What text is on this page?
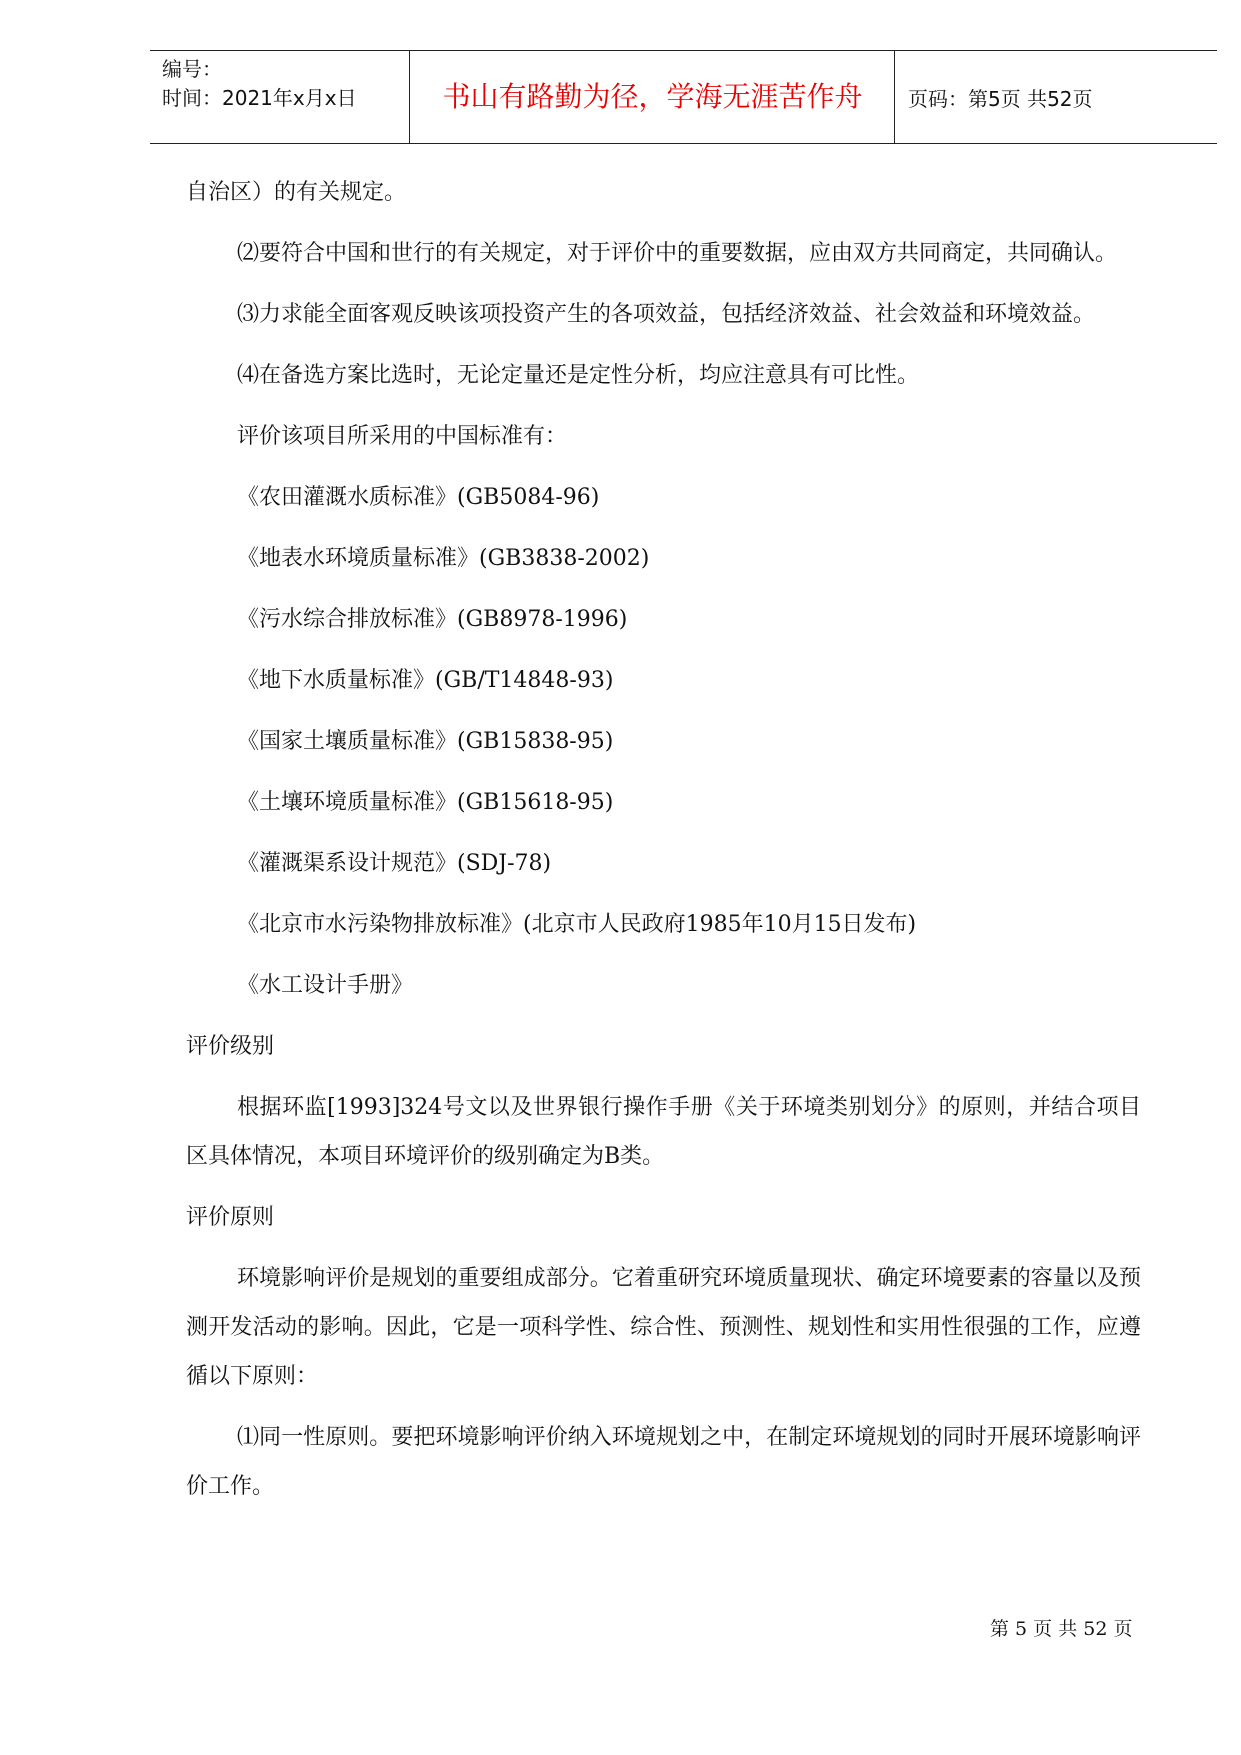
编号：
时间：2021年x月x日	书山有路勤为径，学海无涯苦作舟	页码：第5页 共52页

自治区）的有关规定。

⑵要符合中国和世行的有关规定，对于评价中的重要数据，应由双方共同商定，共同确认。

⑶力求能全面客观反映该项投资产生的各项效益，包括经济效益、社会效益和环境效益。

⑷在备选方案比选时，无论定量还是定性分析，均应注意具有可比性。

评价该项目所采用的中国标准有：

《农田灌溉水质标准》(GB5084-96)
《地表水环境质量标准》(GB3838-2002)
《污水综合排放标准》(GB8978-1996)
《地下水质量标准》(GB/T14848-93)
《国家土壤质量标准》(GB15838-95)
《土壤环境质量标准》(GB15618-95)
《灌溉渠系设计规范》(SDJ-78)
《北京市水污染物排放标准》(北京市人民政府1985年10月15日发布)
《水工设计手册》

评价级别

根据环监[1993]324号文以及世界银行操作手册《关于环境类别划分》的原则，并结合项目区具体情况，本项目环境评价的级别确定为B类。

评价原则

环境影响评价是规划的重要组成部分。它着重研究环境质量现状、确定环境要素的容量以及预测开发活动的影响。因此，它是一项科学性、综合性、预测性、规划性和实用性很强的工作，应遵循以下原则：

⑴同一性原则。要把环境影响评价纳入环境规划之中，在制定环境规划的同时开展环境影响评价工作。

第 5 页 共 52 页
